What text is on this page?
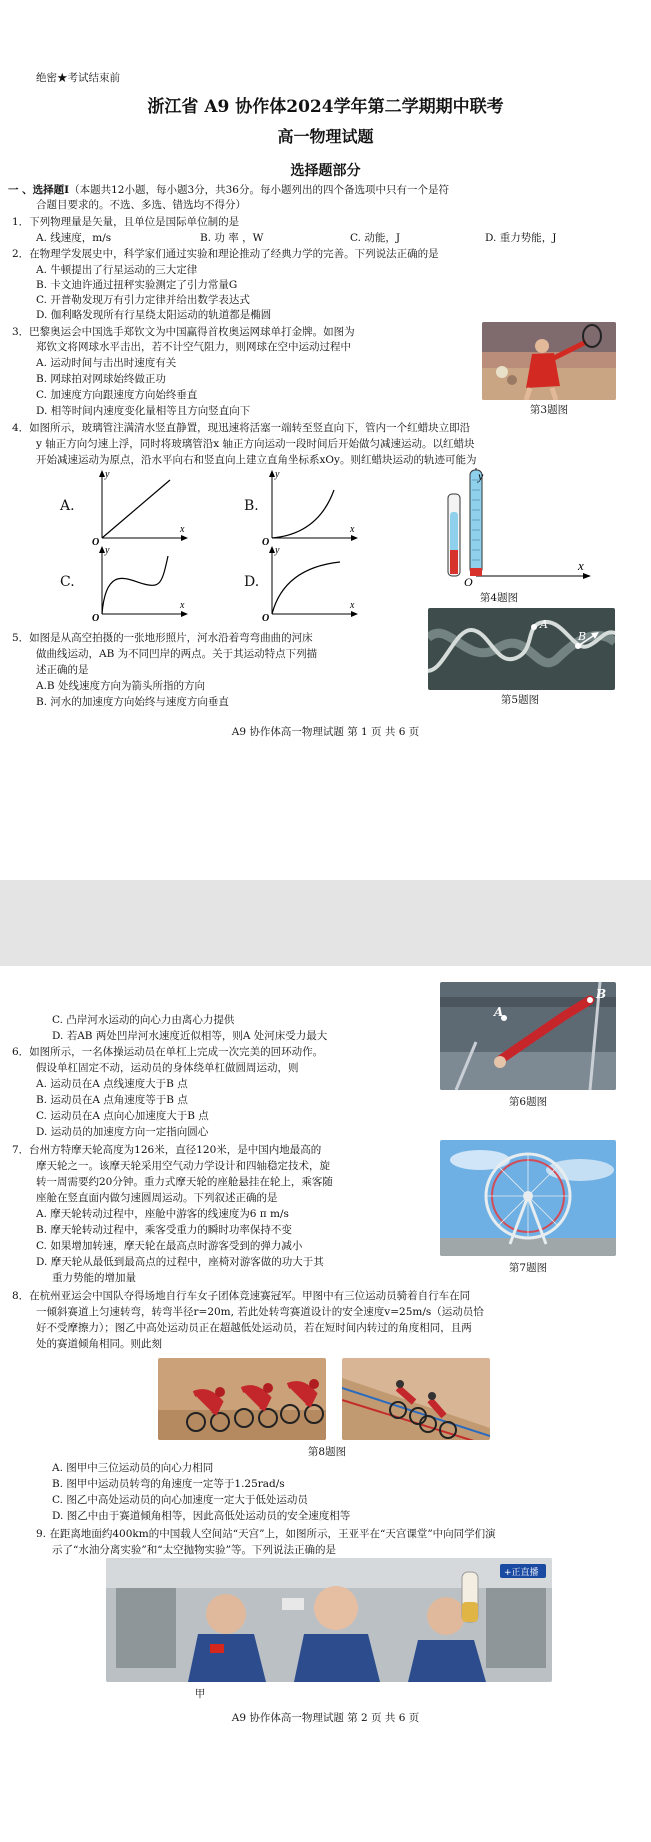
绝密★考试结束前
浙江省 A9 协作体2024学年第二学期期中联考
高一物理试题
选择题部分
一 、选择题Ⅰ（本题共12小题，每小题3分，共36分。每小题列出的四个备选项中只有一个是符
合题目要求的。不选、多选、错选均不得分）
1．下列物理量是矢量，且单位是国际单位制的是
A. 线速度，m/s	B. 功 率 ，W	C. 动能，J	D. 重力势能，J
2．在物理学发展史中，科学家们通过实验和理论推动了经典力学的完善。下列说法正确的是
A. 牛顿提出了行星运动的三大定律
B. 卡文迪许通过扭秤实验测定了引力常量G
C. 开普勒发现万有引力定律并给出数学表达式
D. 伽利略发现所有行星绕太阳运动的轨道都是椭圆
3．巴黎奥运会中国选手郑钦文为中国赢得首枚奥运网球单打金牌。如图为
郑钦文将网球水平击出，若不计空气阻力，则网球在空中运动过程中
A. 运动时间与击出时速度有关
B. 网球拍对网球始终做正功
C. 加速度方向跟速度方向始终垂直
D. 相等时间内速度变化量相等且方向竖直向下	第3题图
4．如图所示，玻璃管注满清水竖直静置，现迅速将活塞一端转至竖直向下，管内一个红蜡块立即沿
y 轴正方向匀速上浮，同时将玻璃管沿x 轴正方向运动一段时间后开始做匀减速运动。以红蜡块
开始减速运动为原点，沿水平向右和竖直向上建立直角坐标系xOy。则红蜡块运动的轨迹可能为
A.	B.
C.	D.
y
x
O
y
x
O
y
x
O
y
x
O
y
x
O
第4题图
5．如图是从高空拍摄的一张地形照片，河水沿着弯弯曲曲的河床
做曲线运动，AB 为不同凹岸的两点。关于其运动特点下列描
述正确的是
A.B 处线速度方向为箭头所指的方向
B. 河水的加速度方向始终与速度方向垂直
A
B
第5题图
A9 协作体高一物理试题 第 1 页 共 6 页
C. 凸岸河水运动的向心力由离心力提供
D. 若AB 两处凹岸河水速度近似相等，则A 处河床受力最大
6．如图所示，一名体操运动员在单杠上完成一次完美的回环动作。
假设单杠固定不动，运动员的身体绕单杠做圆周运动，则
A. 运动员在A 点线速度大于B 点
B. 运动员在A 点角速度等于B 点
C. 运动员在A 点向心加速度大于B 点
D. 运动员的加速度方向一定指向圆心
B
A
第6题图
7．台州方特摩天轮高度为126米，直径120米，是中国内地最高的
摩天轮之一。该摩天轮采用空气动力学设计和四轴稳定技术，旋
转一周需要约20分钟。重力式摩天轮的座舱悬挂在轮上，乘客随
座舱在竖直面内做匀速圆周运动。下列叙述正确的是
A. 摩天轮转动过程中，座舱中游客的线速度为6 π m/s
B. 摩天轮转动过程中，乘客受重力的瞬时功率保持不变
C. 如果增加转速，摩天轮在最高点时游客受到的弹力减小
D. 摩天轮从最低到最高点的过程中，座椅对游客做的功大于其
重力势能的增加量
第7题图
8．在杭州亚运会中国队夺得场地自行车女子团体竞速赛冠军。甲图中有三位运动员骑着自行车在同
一倾斜赛道上匀速转弯，转弯半径r=20m, 若此处转弯赛道设计的安全速度v=25m/s（运动员恰
好不受摩擦力）；图乙中高处运动员正在超越低处运动员，若在短时间内转过的角度相同，且两
处的赛道倾角相同。则此刻
第8题图
A. 图甲中三位运动员的向心力相同
B. 图甲中运动员转弯的角速度一定等于1.25rad/s
C. 图乙中高处运动员的向心加速度一定大于低处运动员
D. 图乙中由于赛道倾角相等，因此高低处运动员的安全速度相等
9. 在距离地面约400km的中国载人空间站“天宫”上，如图所示，王亚平在“天宫课堂”中向同学们演
示了“水油分离实验”和“太空抛物实验”等。下列说法正确的是
+正直播
甲
A9 协作体高一物理试题 第 2 页 共 6 页
